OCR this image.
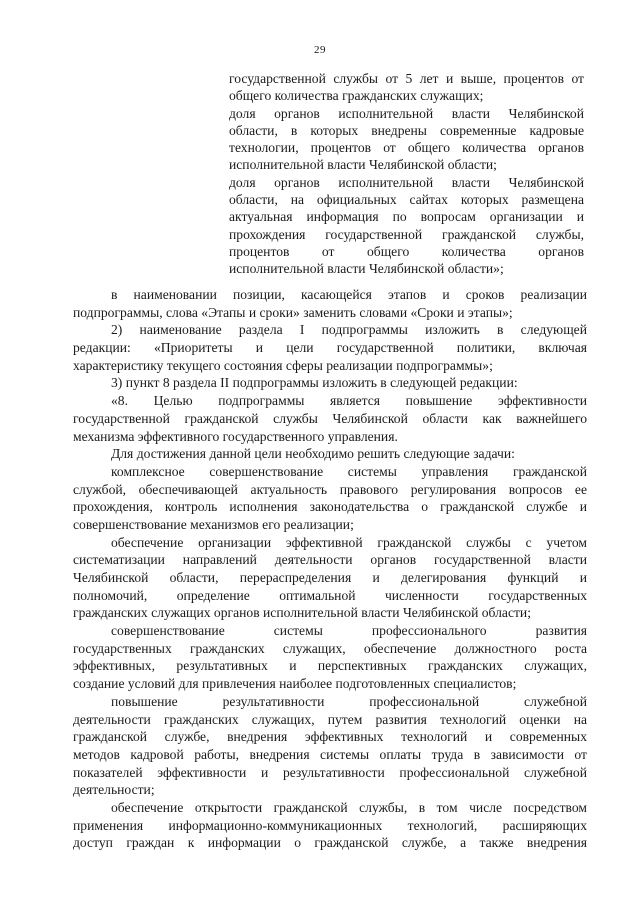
29
государственной службы от 5 лет и выше, процентов от
общего количества гражданских служащих;
доля органов исполнительной власти Челябинской
области, в которых внедрены современные кадровые
технологии, процентов от общего количества органов
исполнительной власти Челябинской области;
доля органов исполнительной власти Челябинской
области, на официальных сайтах которых размещена
актуальная информация по вопросам организации и
прохождения государственной гражданской службы,
процентов от общего количества органов
исполнительной власти Челябинской области»;
в наименовании позиции, касающейся этапов и сроков реализации
подпрограммы, слова «Этапы и сроки» заменить словами «Сроки и этапы»;
2) наименование раздела I подпрограммы изложить в следующей
редакции: «Приоритеты и цели государственной политики, включая
характеристику текущего состояния сферы реализации подпрограммы»;
3) пункт 8 раздела II подпрограммы изложить в следующей редакции:
«8. Целью подпрограммы является повышение эффективности
государственной гражданской службы Челябинской области как важнейшего
механизма эффективного государственного управления.
Для достижения данной цели необходимо решить следующие задачи:
комплексное совершенствование системы управления гражданской
службой, обеспечивающей актуальность правового регулирования вопросов ее
прохождения, контроль исполнения законодательства о гражданской службе и
совершенствование механизмов его реализации;
обеспечение организации эффективной гражданской службы с учетом
систематизации направлений деятельности органов государственной власти
Челябинской области, перераспределения и делегирования функций и
полномочий, определение оптимальной численности государственных
гражданских служащих органов исполнительной власти Челябинской области;
совершенствование системы профессионального развития
государственных гражданских служащих, обеспечение должностного роста
эффективных, результативных и перспективных гражданских служащих,
создание условий для привлечения наиболее подготовленных специалистов;
повышение результативности профессиональной служебной
деятельности гражданских служащих, путем развития технологий оценки на
гражданской службе, внедрения эффективных технологий и современных
методов кадровой работы, внедрения системы оплаты труда в зависимости от
показателей эффективности и результативности профессиональной служебной
деятельности;
обеспечение открытости гражданской службы, в том числе посредством
применения информационно-коммуникационных технологий, расширяющих
доступ граждан к информации о гражданской службе, а также внедрения
